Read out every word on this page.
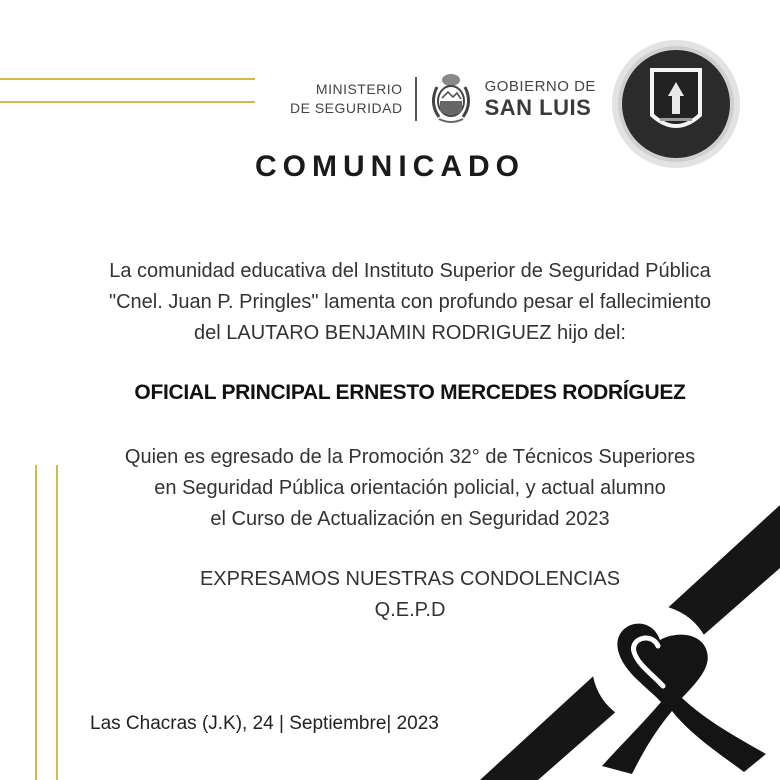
MINISTERIO
DE SEGURIDAD
GOBIERNO DE
SAN LUIS
COMUNICADO
La comunidad educativa del Instituto Superior de Seguridad Pública
"Cnel. Juan P. Pringles" lamenta con profundo pesar el fallecimiento
del LAUTARO BENJAMIN RODRIGUEZ hijo del:
OFICIAL PRINCIPAL ERNESTO MERCEDES RODRÍGUEZ
Quien es egresado de la Promoción 32° de Técnicos Superiores
en Seguridad Pública orientación policial, y actual alumno
el Curso de Actualización en Seguridad 2023
EXPRESAMOS NUESTRAS CONDOLENCIAS
Q.E.P.D
Las Chacras (J.K), 24 | Septiembre| 2023
